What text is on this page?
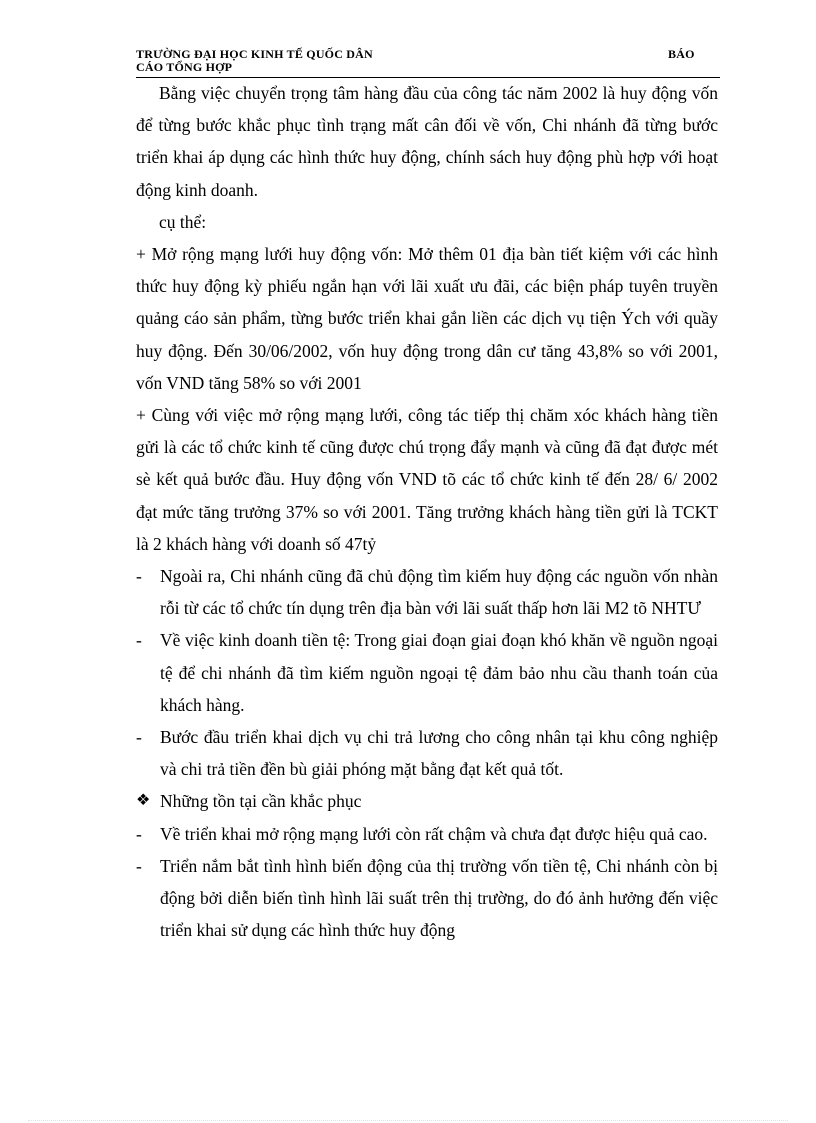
TRƯỜNG ĐẠI HỌC KINH TẾ QUỐC DÂN	BÁO
CÁO TỔNG HỢP

Bằng việc chuyển trọng tâm hàng đầu của công tác năm 2002 là huy động vốn để từng bước khắc phục tình trạng mất cân đối về vốn, Chi nhánh đã từng bước triển khai áp dụng các hình thức huy động, chính sách huy động phù hợp với hoạt động kinh doanh.

cụ thể:

+ Mở rộng mạng lưới huy động vốn: Mở thêm 01 địa bàn tiết kiệm với các hình thức huy động kỳ phiếu ngắn hạn với lãi xuất ưu đãi, các biện pháp tuyên truyền quảng cáo sản phẩm, từng bước triển khai gắn liền các dịch vụ tiện Ých với quầy huy động. Đến 30/06/2002, vốn huy động trong dân cư tăng 43,8% so với 2001, vốn VND tăng 58% so với 2001

+ Cùng với việc mở rộng mạng lưới, công tác tiếp thị chăm xóc khách hàng tiền gửi là các tổ chức kinh tế cũng được chú trọng đẩy mạnh và cũng đã đạt được mét sè kết quả bước đầu. Huy động vốn VND tõ các tổ chức kinh tế đến 28/ 6/ 2002 đạt mức tăng trưởng 37% so với 2001. Tăng trưởng khách hàng tiền gửi là TCKT là 2 khách hàng với doanh số 47tỷ

- Ngoài ra, Chi nhánh cũng đã chủ động tìm kiếm huy động các nguồn vốn nhàn rỗi từ các tổ chức tín dụng trên địa bàn với lãi suất thấp hơn lãi M2 tõ NHTƯ
- Về việc kinh doanh tiền tệ: Trong giai đoạn giai đoạn khó khăn về nguồn ngoại tệ để chi nhánh đã tìm kiếm nguồn ngoại tệ đảm bảo nhu cầu thanh toán của khách hàng.
- Bước đầu triển khai dịch vụ chi trả lương cho công nhân tại khu công nghiệp và chi trả tiền đền bù giải phóng mặt bằng đạt kết quả tốt.
❖ Những tồn tại cần khắc phục
- Về triển khai mở rộng mạng lưới còn rất chậm và chưa đạt được hiệu quả cao.
- Triển nắm bắt tình hình biến động của thị trường vốn tiền tệ, Chi nhánh còn bị động bởi diễn biến tình hình lãi suất trên thị trường, do đó ảnh hưởng đến việc triển khai sử dụng các hình thức huy động
